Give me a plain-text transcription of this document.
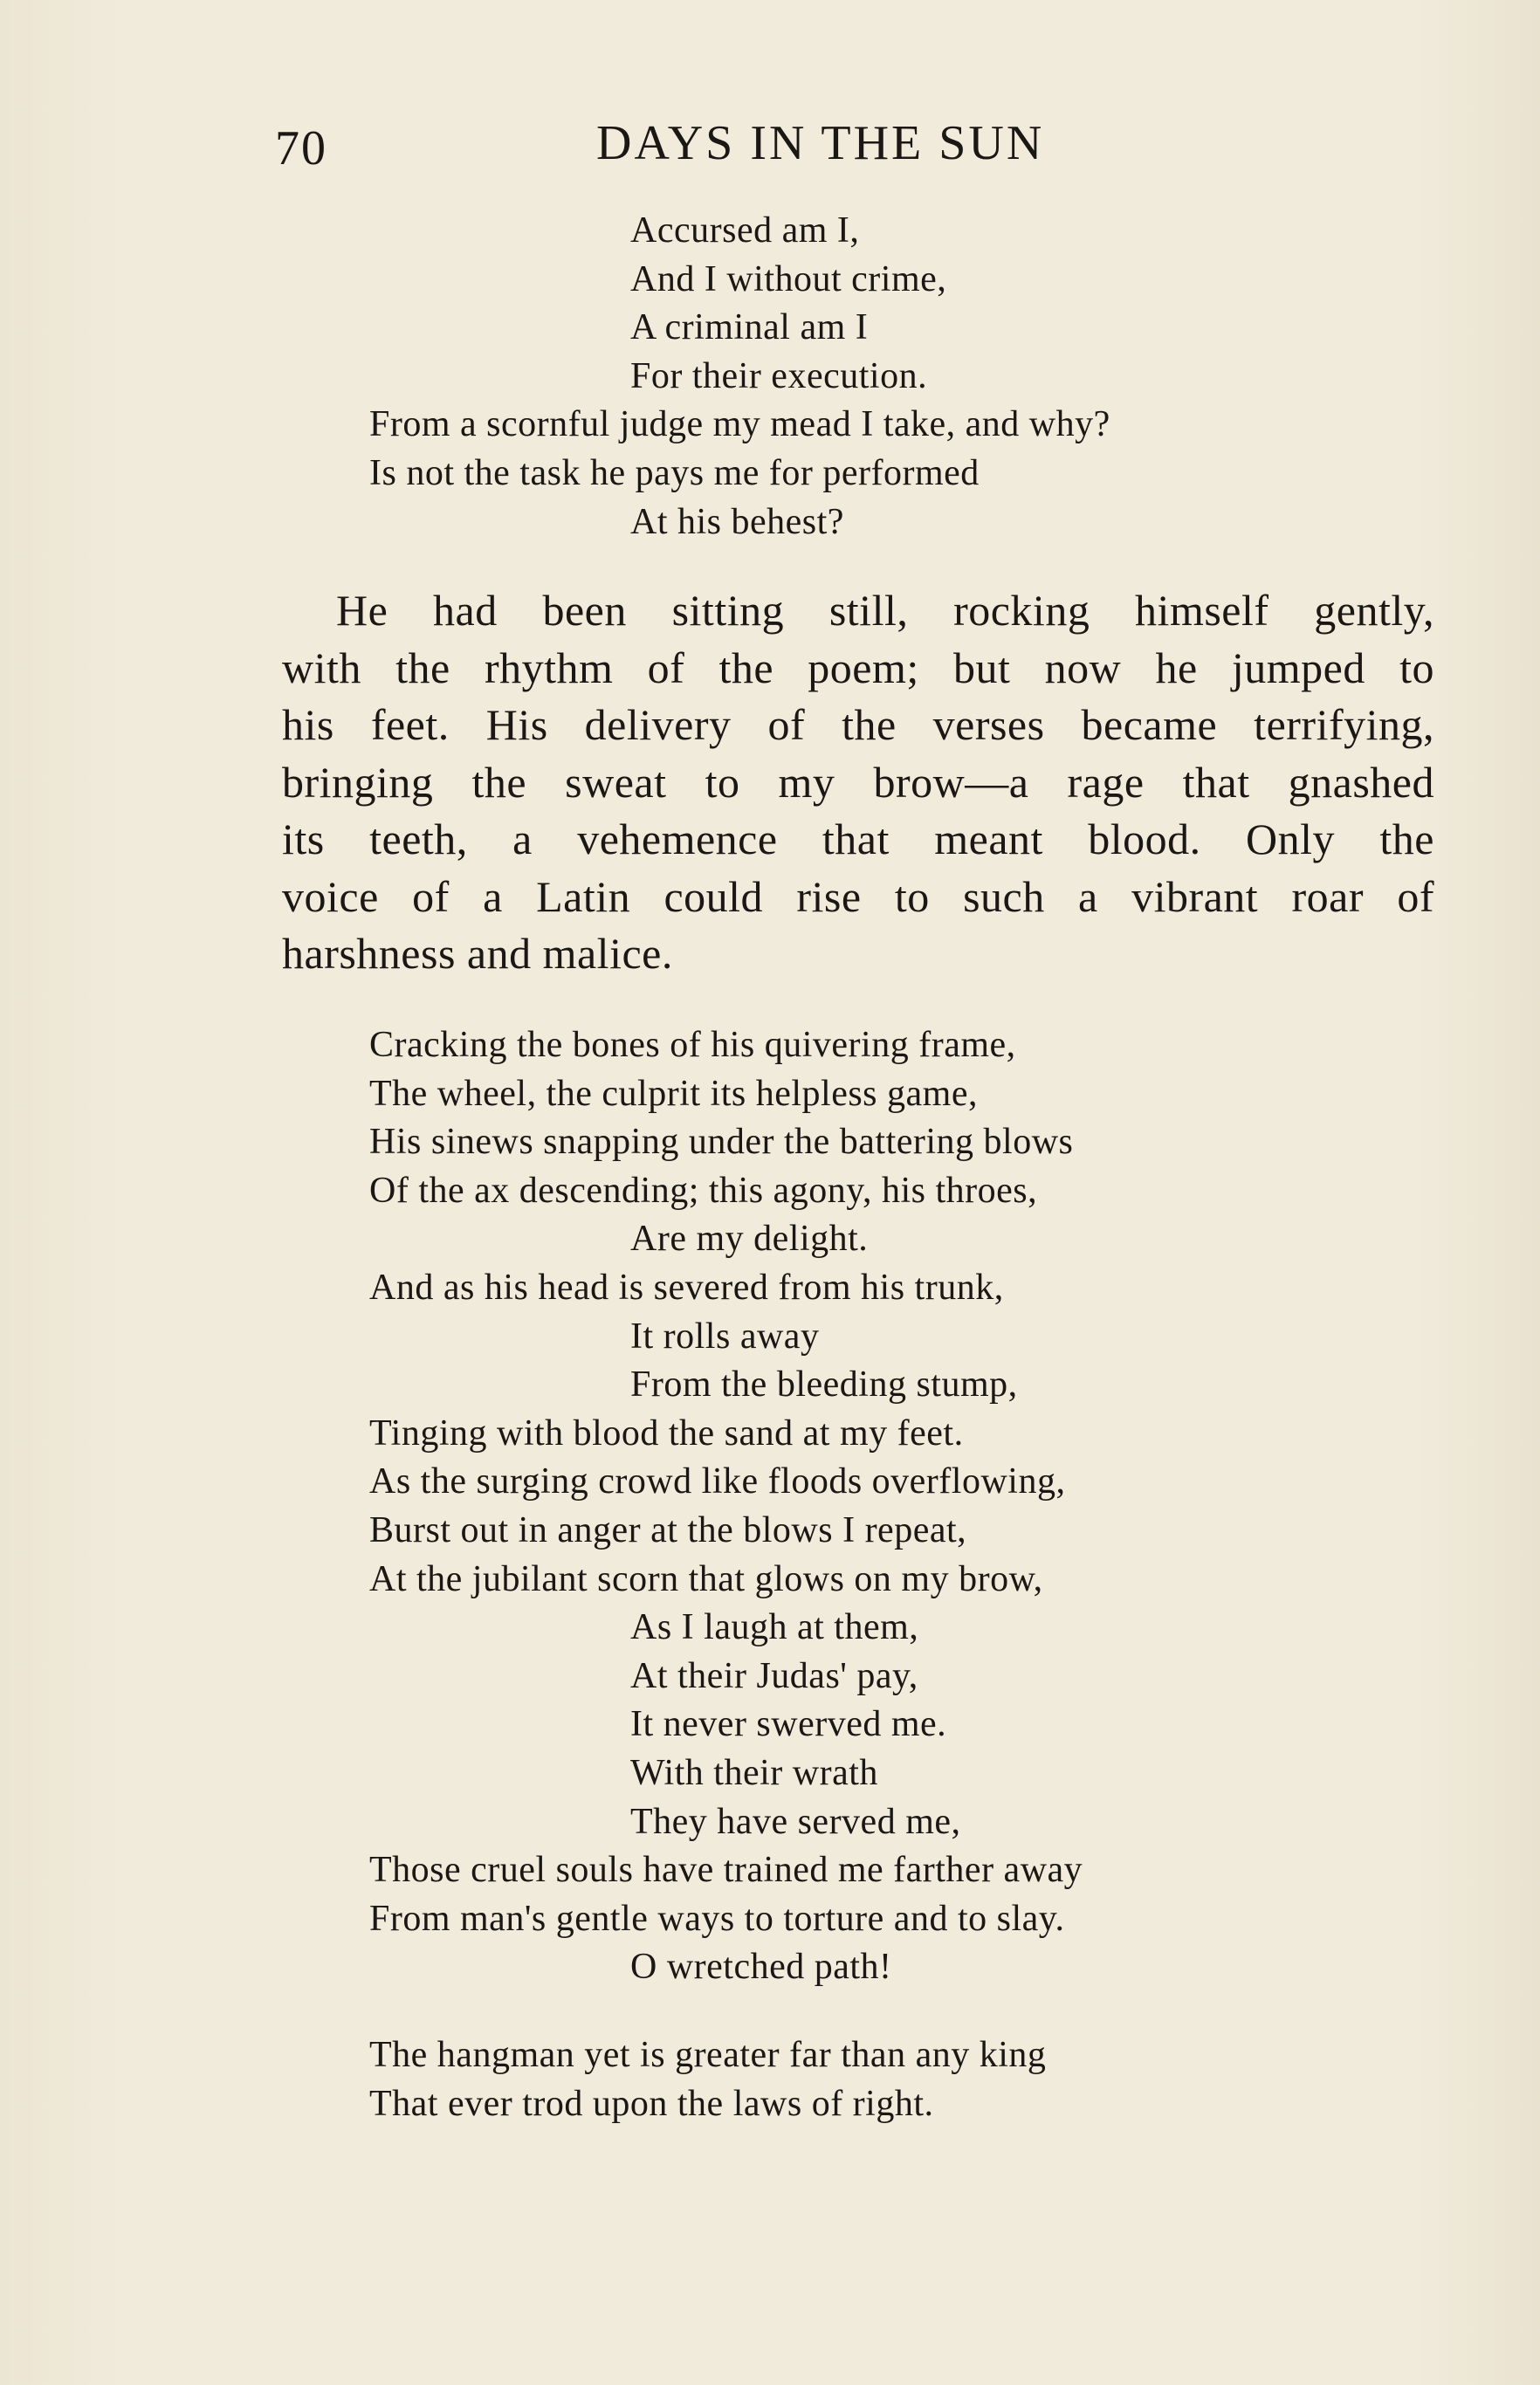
70	DAYS IN THE SUN
Accursed am I,
And I without crime,
A criminal am I
For their execution.
From a scornful judge my mead I take, and why?
Is not the task he pays me for performed
At his behest?
He had been sitting still, rocking himself gently,
with the rhythm of the poem; but now he jumped to
his feet. His delivery of the verses became terrifying,
bringing the sweat to my brow—a rage that gnashed
its teeth, a vehemence that meant blood. Only the
voice of a Latin could rise to such a vibrant roar of
harshness and malice.
Cracking the bones of his quivering frame,
The wheel, the culprit its helpless game,
His sinews snapping under the battering blows
Of the ax descending; this agony, his throes,
Are my delight.
And as his head is severed from his trunk,
It rolls away
From the bleeding stump,
Tinging with blood the sand at my feet.
As the surging crowd like floods overflowing,
Burst out in anger at the blows I repeat,
At the jubilant scorn that glows on my brow,
As I laugh at them,
At their Judas' pay,
It never swerved me.
With their wrath
They have served me,
Those cruel souls have trained me farther away
From man's gentle ways to torture and to slay.
O wretched path!
The hangman yet is greater far than any king
That ever trod upon the laws of right.
